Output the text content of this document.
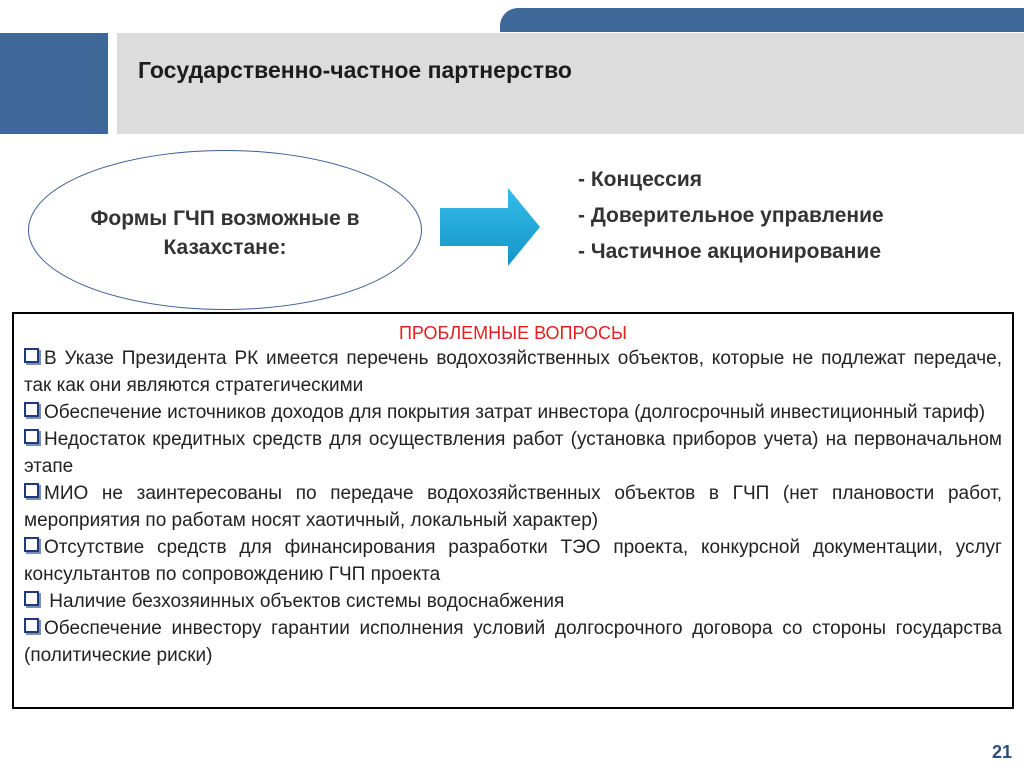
Государственно-частное партнерство
Формы ГЧП возможные в
Казахстане:
- Концессия
- Доверительное управление
- Частичное акционирование
ПРОБЛЕМНЫЕ ВОПРОСЫ
В Указе Президента РК имеется перечень водохозяйственных объектов, которые не подлежат передаче, так как они являются стратегическими
Обеспечение источников доходов для покрытия затрат инвестора (долгосрочный инвестиционный тариф)
Недостаток кредитных средств для осуществления работ (установка приборов учета) на первоначальном этапе
МИО не заинтересованы по передаче водохозяйственных объектов в ГЧП (нет плановости работ, мероприятия по работам носят хаотичный, локальный характер)
Отсутствие средств для финансирования разработки ТЭО проекта, конкурсной документации, услуг консультантов по сопровождению ГЧП проекта
Наличие безхозяинных объектов системы водоснабжения
Обеспечение инвестору гарантии исполнения условий долгосрочного договора со стороны государства (политические риски)
21
